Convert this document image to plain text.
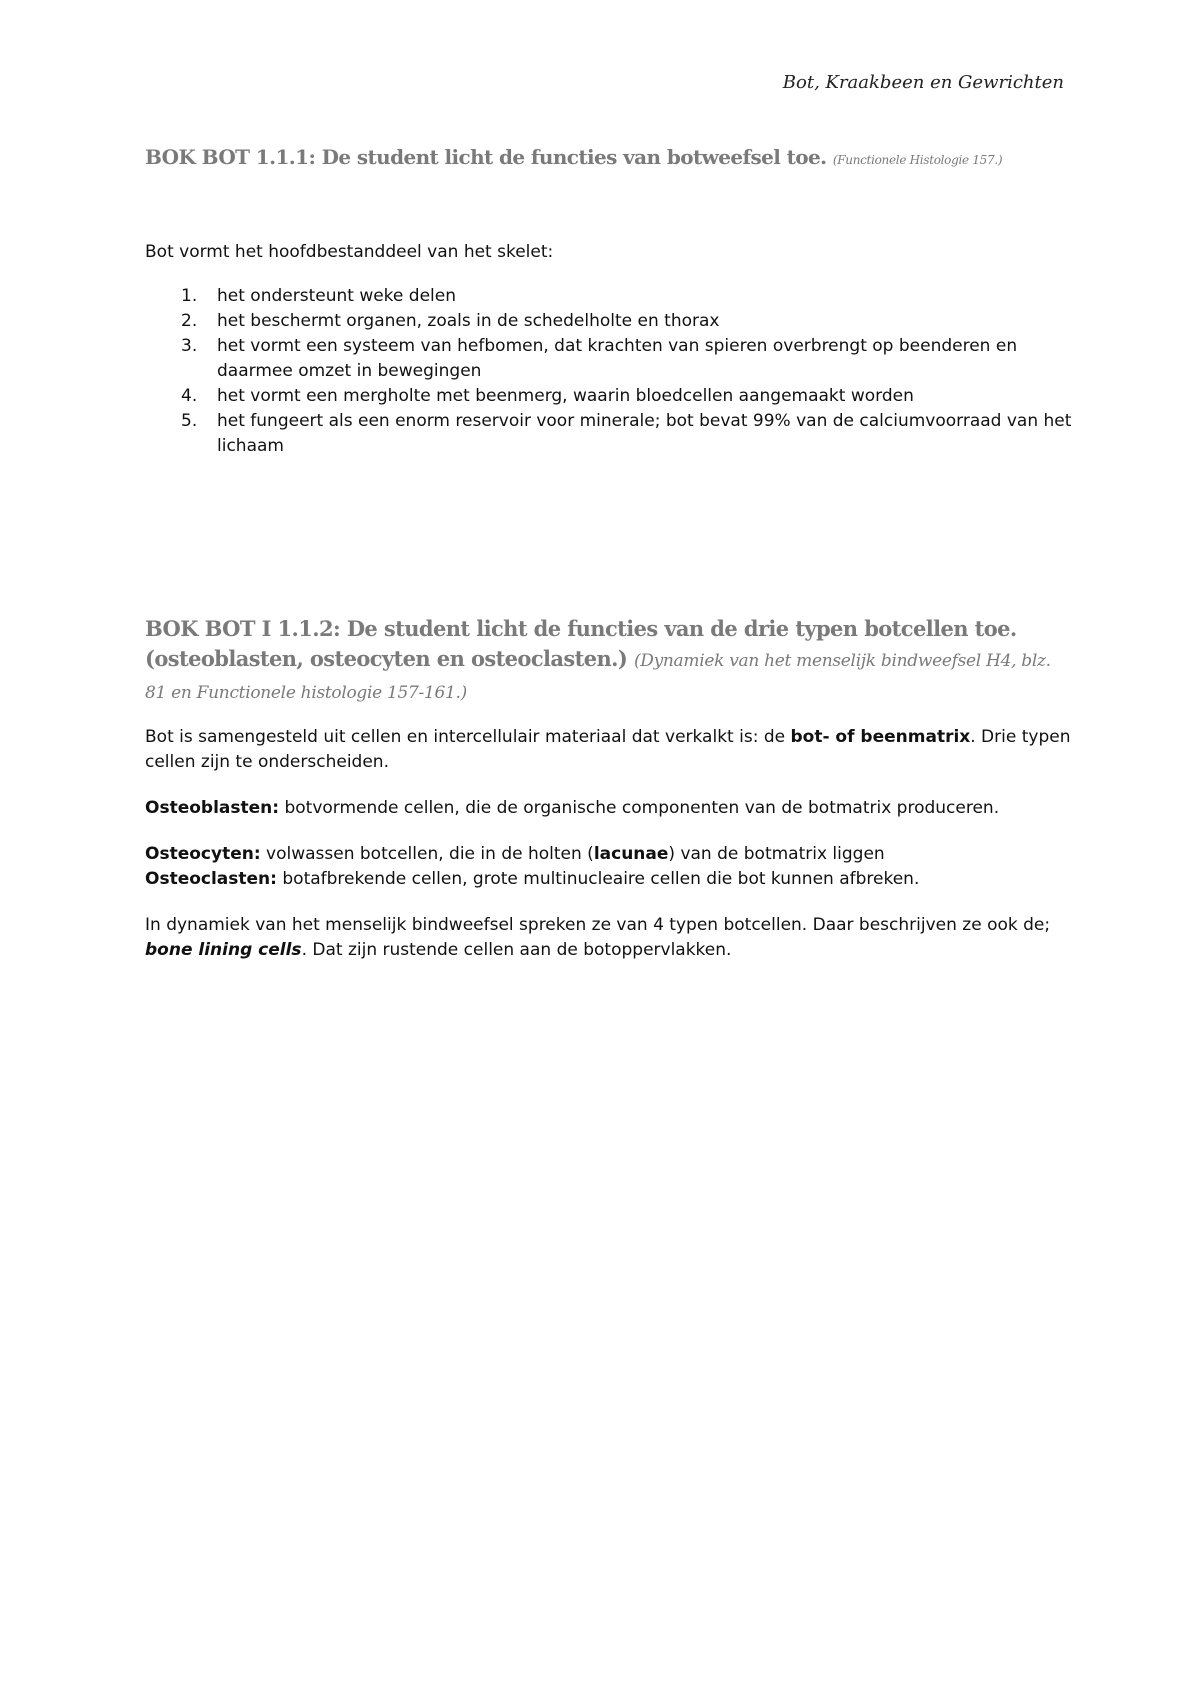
Bot, Kraakbeen en Gewrichten
BOK BOT 1.1.1: De student licht de functies van botweefsel toe. (Functionele Histologie 157.)
Bot vormt het hoofdbestanddeel van het skelet:
1.	het ondersteunt weke delen
2.	het beschermt organen, zoals in de schedelholte en thorax
3.	het vormt een systeem van hefbomen, dat krachten van spieren overbrengt op beenderen en daarmee omzet in bewegingen
4.	het vormt een mergholte met beenmerg, waarin bloedcellen aangemaakt worden
5.	het fungeert als een enorm reservoir voor minerale; bot bevat 99% van de calciumvoorraad van het lichaam
BOK BOT I 1.1.2: De student licht de functies van de drie typen botcellen toe. (osteoblasten, osteocyten en osteoclasten.) (Dynamiek van het menselijk bindweefsel H4, blz. 81 en Functionele histologie 157-161.)
Bot is samengesteld uit cellen en intercellulair materiaal dat verkalkt is: de bot- of beenmatrix. Drie typen cellen zijn te onderscheiden.
Osteoblasten: botvormende cellen, die de organische componenten van de botmatrix produceren.
Osteocyten: volwassen botcellen, die in de holten (lacunae) van de botmatrix liggen
Osteoclasten: botafbrekende cellen, grote multinucleaire cellen die bot kunnen afbreken.
In dynamiek van het menselijk bindweefsel spreken ze van 4 typen botcellen. Daar beschrijven ze ook de; bone lining cells. Dat zijn rustende cellen aan de botoppervlakken.
